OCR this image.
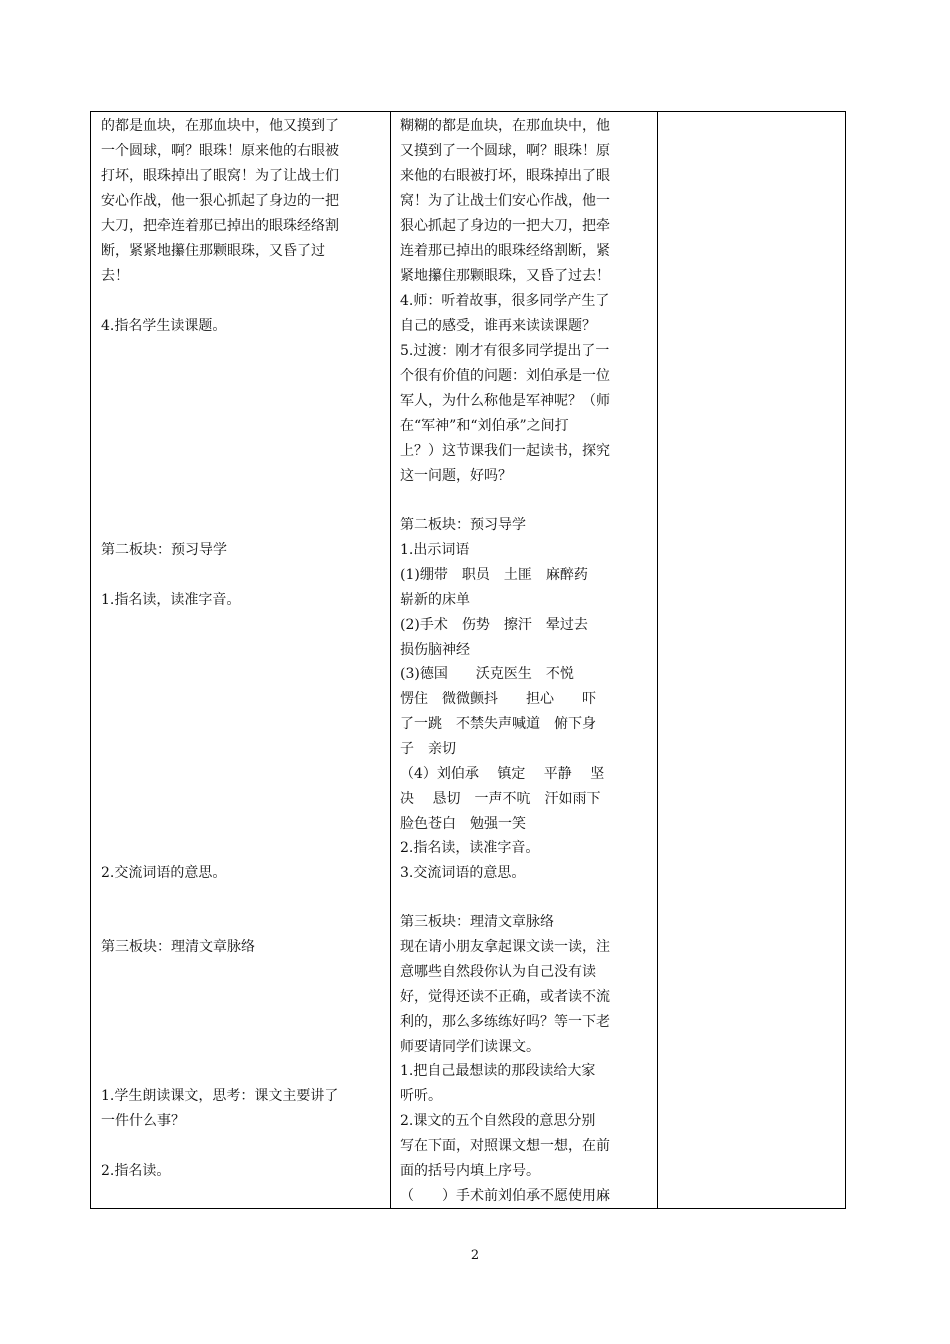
的都是血块，在那血块中，他又摸到了
一个圆球，啊？眼珠！原来他的右眼被
打坏，眼珠掉出了眼窝！为了让战士们
安心作战，他一狠心抓起了身边的一把
大刀，把牵连着那已掉出的眼珠经络割
断，紧紧地攥住那颗眼珠，又昏了过
去！
4.指名学生读课题。
第二板块：预习导学
1.指名读，读准字音。
2.交流词语的意思。
第三板块：理清文章脉络
1.学生朗读课文，思考：课文主要讲了
一件什么事？
2.指名读。
糊糊的都是血块，在那血块中，他
又摸到了一个圆球，啊？眼珠！原
来他的右眼被打坏，眼珠掉出了眼
窝！为了让战士们安心作战，他一
狠心抓起了身边的一把大刀，把牵
连着那已掉出的眼珠经络割断，紧
紧地攥住那颗眼珠，又昏了过去！
4.师：听着故事，很多同学产生了
自己的感受，谁再来读读课题？
5.过渡：刚才有很多同学提出了一
个很有价值的问题：刘伯承是一位
军人，为什么称他是军神呢？（师
在“军神”和“刘伯承”之间打
上？）这节课我们一起读书，探究
这一问题，好吗？
第二板块：预习导学
1.出示词语
(1)绷带　职员　土匪　麻醉药
崭新的床单
(2)手术　伤势　擦汗　晕过去
损伤脑神经
(3)德国　　沃克医生　不悦
愣住　微微颤抖　　担心　　吓
了一跳　不禁失声喊道　俯下身
子　亲切
（4）刘伯承　 镇定　 平静　 坚
决　 恳切　一声不吭　汗如雨下
脸色苍白　勉强一笑
2.指名读，读准字音。
3.交流词语的意思。
第三板块：理清文章脉络
现在请小朋友拿起课文读一读，注
意哪些自然段你认为自己没有读
好，觉得还读不正确，或者读不流
利的，那么多练练好吗？等一下老
师要请同学们读课文。
1.把自己最想读的那段读给大家
听听。
2.课文的五个自然段的意思分别
写在下面，对照课文想一想，在前
面的括号内填上序号。
（　　）手术前刘伯承不愿使用麻
2
